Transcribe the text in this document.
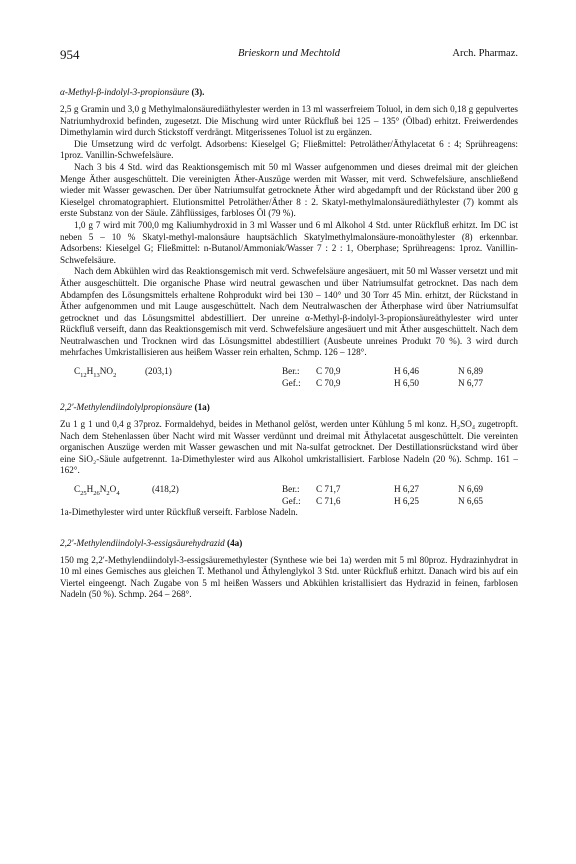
954	Brieskorn und Mechtold	Arch. Pharmaz.

α-Methyl-β-indolyl-3-propionsäure (3).

2,5 g Gramin und 3,0 g Methylmalonsäurediäthylester werden in 13 ml wasserfreiem Toluol, in dem sich 0,18 g gepulvertes Natriumhydroxid befinden, zugesetzt. Die Mischung wird unter Rückfluß bei 125 – 135° (Ölbad) erhitzt. Freiwerdendes Dimethylamin wird durch Stickstoff verdrängt. Mitgerissenes Toluol ist zu ergänzen.

Die Umsetzung wird dc verfolgt. Adsorbens: Kieselgel G; Fließmittel: Petroläther/Äthylacetat 6 : 4; Sprühreagens: 1proz. Vanillin-Schwefelsäure.

Nach 3 bis 4 Std. wird das Reaktionsgemisch mit 50 ml Wasser aufgenommen und dieses dreimal mit der gleichen Menge Äther ausgeschüttelt. Die vereinigten Äther-Auszüge werden mit Wasser, mit verd. Schwefelsäure, anschließend wieder mit Wasser gewaschen. Der über Natriumsulfat getrocknete Äther wird abgedampft und der Rückstand über 200 g Kieselgel chromatographiert. Elutionsmittel Petroläther/Äther 8 : 2. Skatyl-methylmalonsäurediäthylester (7) kommt als erste Substanz von der Säule. Zähflüssiges, farbloses Öl (79 %).

1,0 g 7 wird mit 700,0 mg Kaliumhydroxid in 3 ml Wasser und 6 ml Alkohol 4 Std. unter Rückfluß erhitzt. Im DC ist neben 5 – 10 % Skatyl-methyl-malonsäure hauptsächlich Skatylmethylmalonsäure-monoäthylester (8) erkennbar. Adsorbens: Kieselgel G; Fließmittel: n-Butanol/Ammoniak/Wasser 7 : 2 : 1, Oberphase; Sprühreagens: 1proz. Vanillin-Schwefelsäure.

Nach dem Abkühlen wird das Reaktionsgemisch mit verd. Schwefelsäure angesäuert, mit 50 ml Wasser versetzt und mit Äther ausgeschüttelt. Die organische Phase wird neutral gewaschen und über Natriumsulfat getrocknet. Das nach dem Abdampfen des Lösungsmittels erhaltene Rohprodukt wird bei 130 – 140° und 30 Torr 45 Min. erhitzt, der Rückstand in Äther aufgenommen und mit Lauge ausgeschüttelt. Nach dem Neutralwaschen der Ätherphase wird über Natriumsulfat getrocknet und das Lösungsmittel abdestilliert. Der unreine α-Methyl-β-indolyl-3-propionsäureäthylester wird unter Rückfluß verseift, dann das Reaktionsgemisch mit verd. Schwefelsäure angesäuert und mit Äther ausgeschüttelt. Nach dem Neutralwaschen und Trocknen wird das Lösungsmittel abdestilliert (Ausbeute unreines Produkt 70 %). 3 wird durch mehrfaches Umkristallisieren aus heißem Wasser rein erhalten, Schmp. 126 – 128°.

$C_{12}H_{13}NO_2$	(203,1)	Ber.: C 70,9	H 6,46	N 6,89
Gef.: C 70,9	H 6,50	N 6,77

2,2′-Methylendiindolylpropionsäure (1a)

Zu 1 g 1 und 0,4 g 37proz. Formaldehyd, beides in Methanol gelöst, werden unter Kühlung 5 ml konz. H₂SO₄ zugetropft. Nach dem Stehenlassen über Nacht wird mit Wasser verdünnt und dreimal mit Äthylacetat ausgeschüttelt. Die vereinten organischen Auszüge werden mit Wasser gewaschen und mit Na-sulfat getrocknet. Der Destillationsrückstand wird über eine SiO₂-Säule aufgetrennt. 1a-Dimethylester wird aus Alkohol umkristallisiert. Farblose Nadeln (20 %). Schmp. 161 – 162°.

$C_{25}H_{26}N_2O_4$	(418,2)	Ber.: C 71,7	H 6,27	N 6,69
Gef.: C 71,6	H 6,25	N 6,65

1a-Dimethylester wird unter Rückfluß verseift. Farblose Nadeln.

2,2′-Methylendiindolyl-3-essigsäurehydrazid (4a)

150 mg 2,2′-Methylendiindolyl-3-essigsäuremethylester (Synthese wie bei 1a) werden mit 5 ml 80proz. Hydrazinhydrat in 10 ml eines Gemisches aus gleichen T. Methanol und Äthylenglykol 3 Std. unter Rückfluß erhitzt. Danach wird bis auf ein Viertel eingeengt. Nach Zugabe von 5 ml heißen Wassers und Abkühlen kristallisiert das Hydrazid in feinen, farblosen Nadeln (50 %). Schmp. 264 – 268°.
